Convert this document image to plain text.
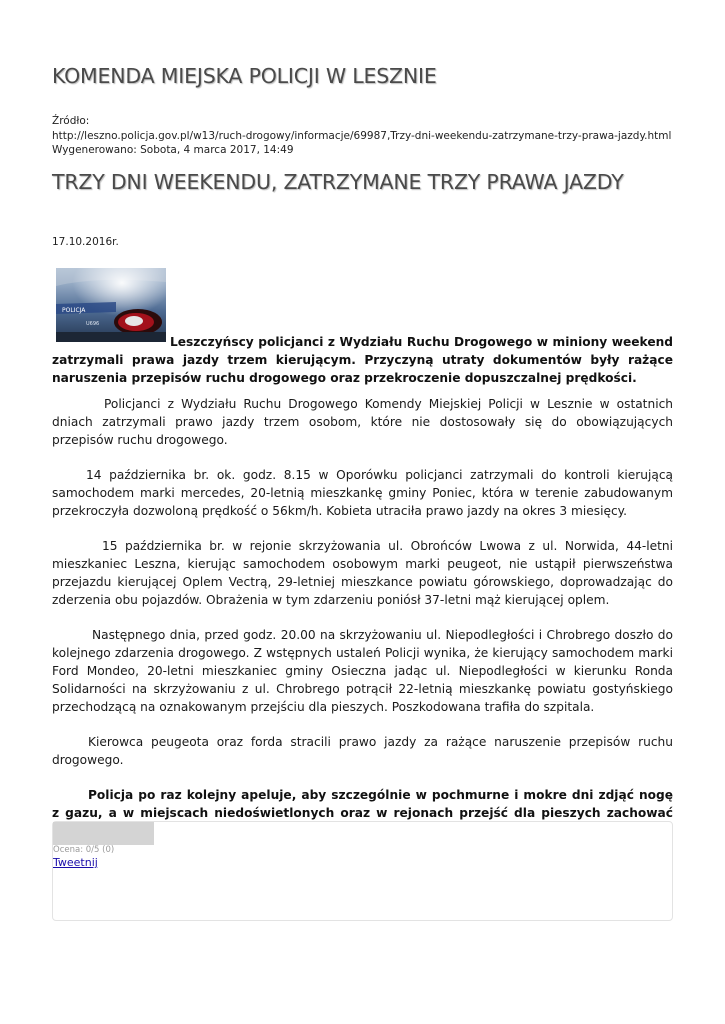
KOMENDA MIEJSKA POLICJI W LESZNIE
Źródło:
http://leszno.policja.gov.pl/w13/ruch-drogowy/informacje/69987,Trzy-dni-weekendu-zatrzymane-trzy-prawa-jazdy.html
Wygenerowano: Sobota, 4 marca 2017, 14:49
TRZY DNI WEEKENDU, ZATRZYMANE TRZY PRAWA JAZDY
17.10.2016r.
POLICJA
U696
Leszczyńscy policjanci z Wydziału Ruchu Drogowego w miniony weekend zatrzymali prawa jazdy trzem kierującym. Przyczyną utraty dokumentów były rażące naruszenia przepisów ruchu drogowego oraz przekroczenie dopuszczalnej prędkości.

Policjanci z Wydziału Ruchu Drogowego Komendy Miejskiej Policji w Lesznie w ostatnich dniach zatrzymali prawo jazdy trzem osobom, które nie dostosowały się do obowiązujących przepisów ruchu drogowego.

14 października br. ok. godz. 8.15 w Oporówku policjanci zatrzymali do kontroli kierującą samochodem marki mercedes, 20-letnią mieszkankę gminy Poniec, która w terenie zabudowanym przekroczyła dozwoloną prędkość o 56km/h. Kobieta utraciła prawo jazdy na okres 3 miesięcy.

15 października br. w rejonie skrzyżowania ul. Obrońców Lwowa z ul. Norwida, 44-letni mieszkaniec Leszna, kierując samochodem osobowym marki peugeot, nie ustąpił pierwszeństwa przejazdu kierującej Oplem Vectrą, 29-letniej mieszkance powiatu górowskiego, doprowadzając do zderzenia obu pojazdów. Obrażenia w tym zdarzeniu poniósł 37-letni mąż kierującej oplem.

Następnego dnia, przed godz. 20.00 na skrzyżowaniu ul. Niepodległości i Chrobrego doszło do kolejnego zdarzenia drogowego. Z wstępnych ustaleń Policji wynika, że kierujący samochodem marki Ford Mondeo, 20-letni mieszkaniec gminy Osieczna jadąc ul. Niepodległości w kierunku Ronda Solidarności na skrzyżowaniu z ul. Chrobrego potrącił 22-letnią mieszkankę powiatu gostyńskiego przechodzącą na oznakowanym przejściu dla pieszych. Poszkodowana trafiła do szpitala.

Kierowca peugeota oraz forda stracili prawo jazdy za rażące naruszenie przepisów ruchu drogowego.

Policja po raz kolejny apeluje, aby szczególnie w pochmurne i mokre dni zdjąć nogę z gazu, a w miejscach niedoświetlonych oraz w rejonach przejść dla pieszych zachować

Ocena: 0/5 (0)
Tweetnij
